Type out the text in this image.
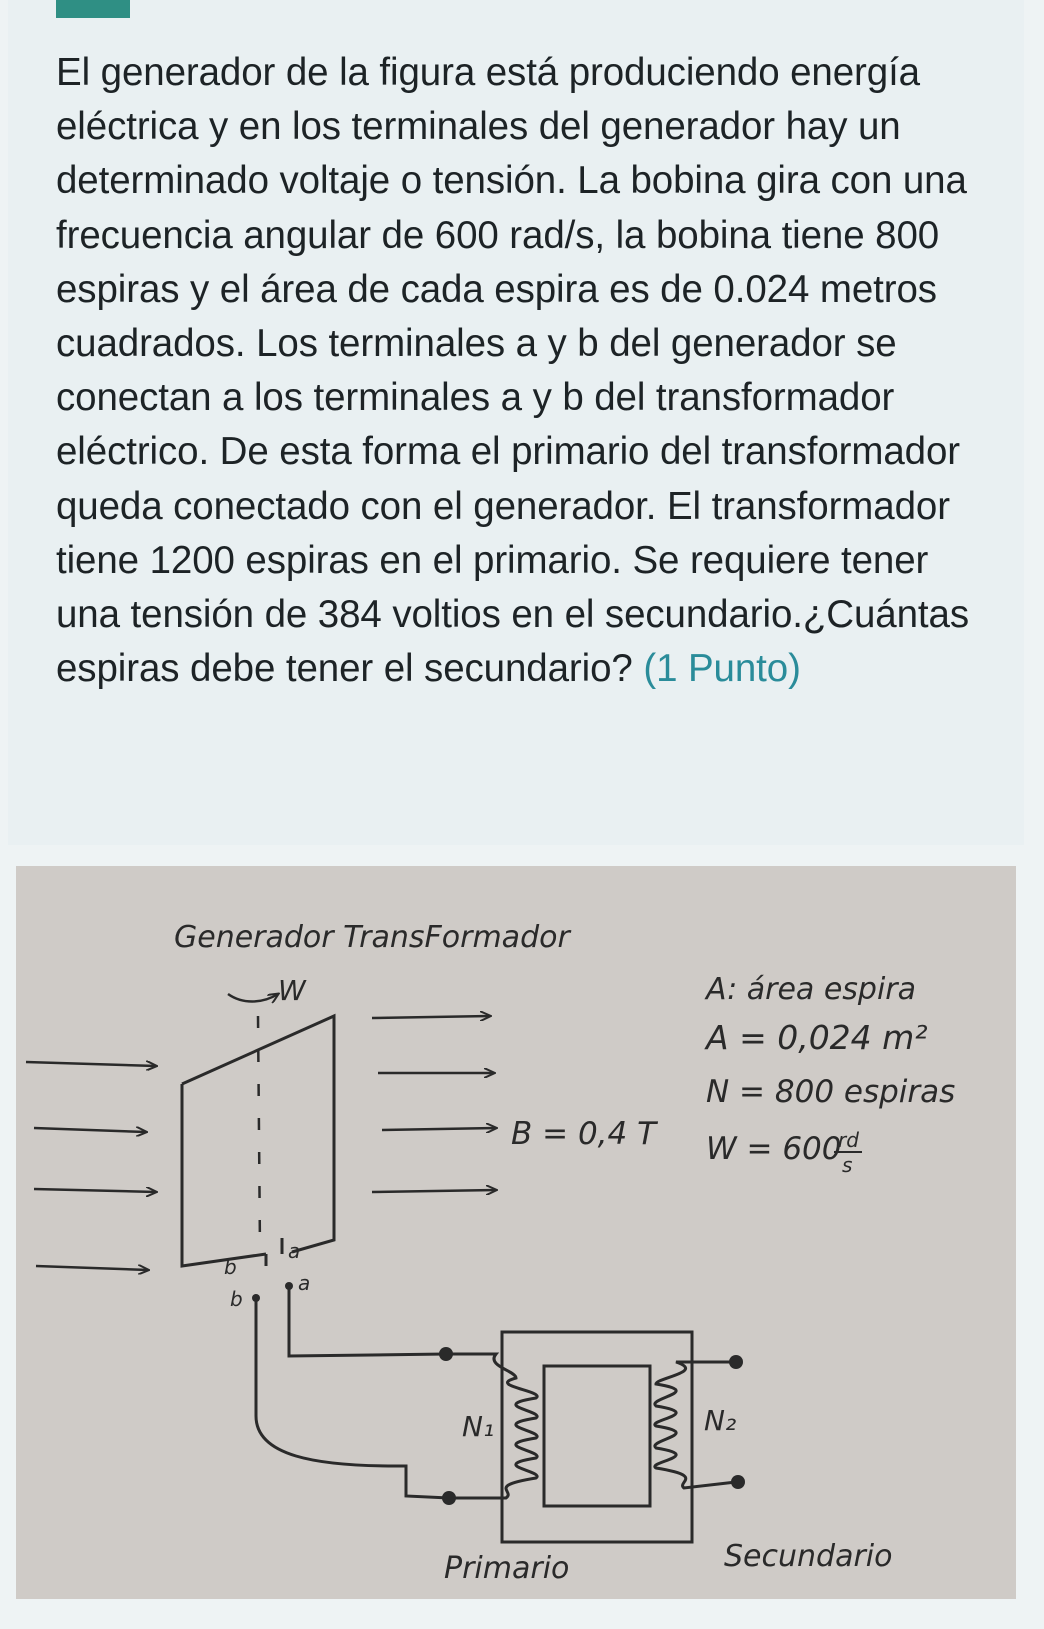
El generador de la figura está produciendo energía eléctrica y en los terminales del generador hay un determinado voltaje o tensión. La bobina gira con una frecuencia angular de 600 rad/s, la bobina tiene 800 espiras y el área de cada espira es de 0.024 metros cuadrados. Los terminales a y b del generador se conectan a los terminales a y b del transformador eléctrico. De esta forma el primario del transformador queda conectado con el generador. El transformador tiene 1200 espiras en el primario. Se requiere tener una tensión de 384 voltios en el secundario.¿Cuántas espiras debe tener el secundario? (1 Punto)

Generador TransFormador
A: área espira
A = 0,024 m²
N = 800 espiras
W = 600
rd
s
W
B = 0,4 T
b
a
b
a
N₁	N₂
Primario	Secundario
